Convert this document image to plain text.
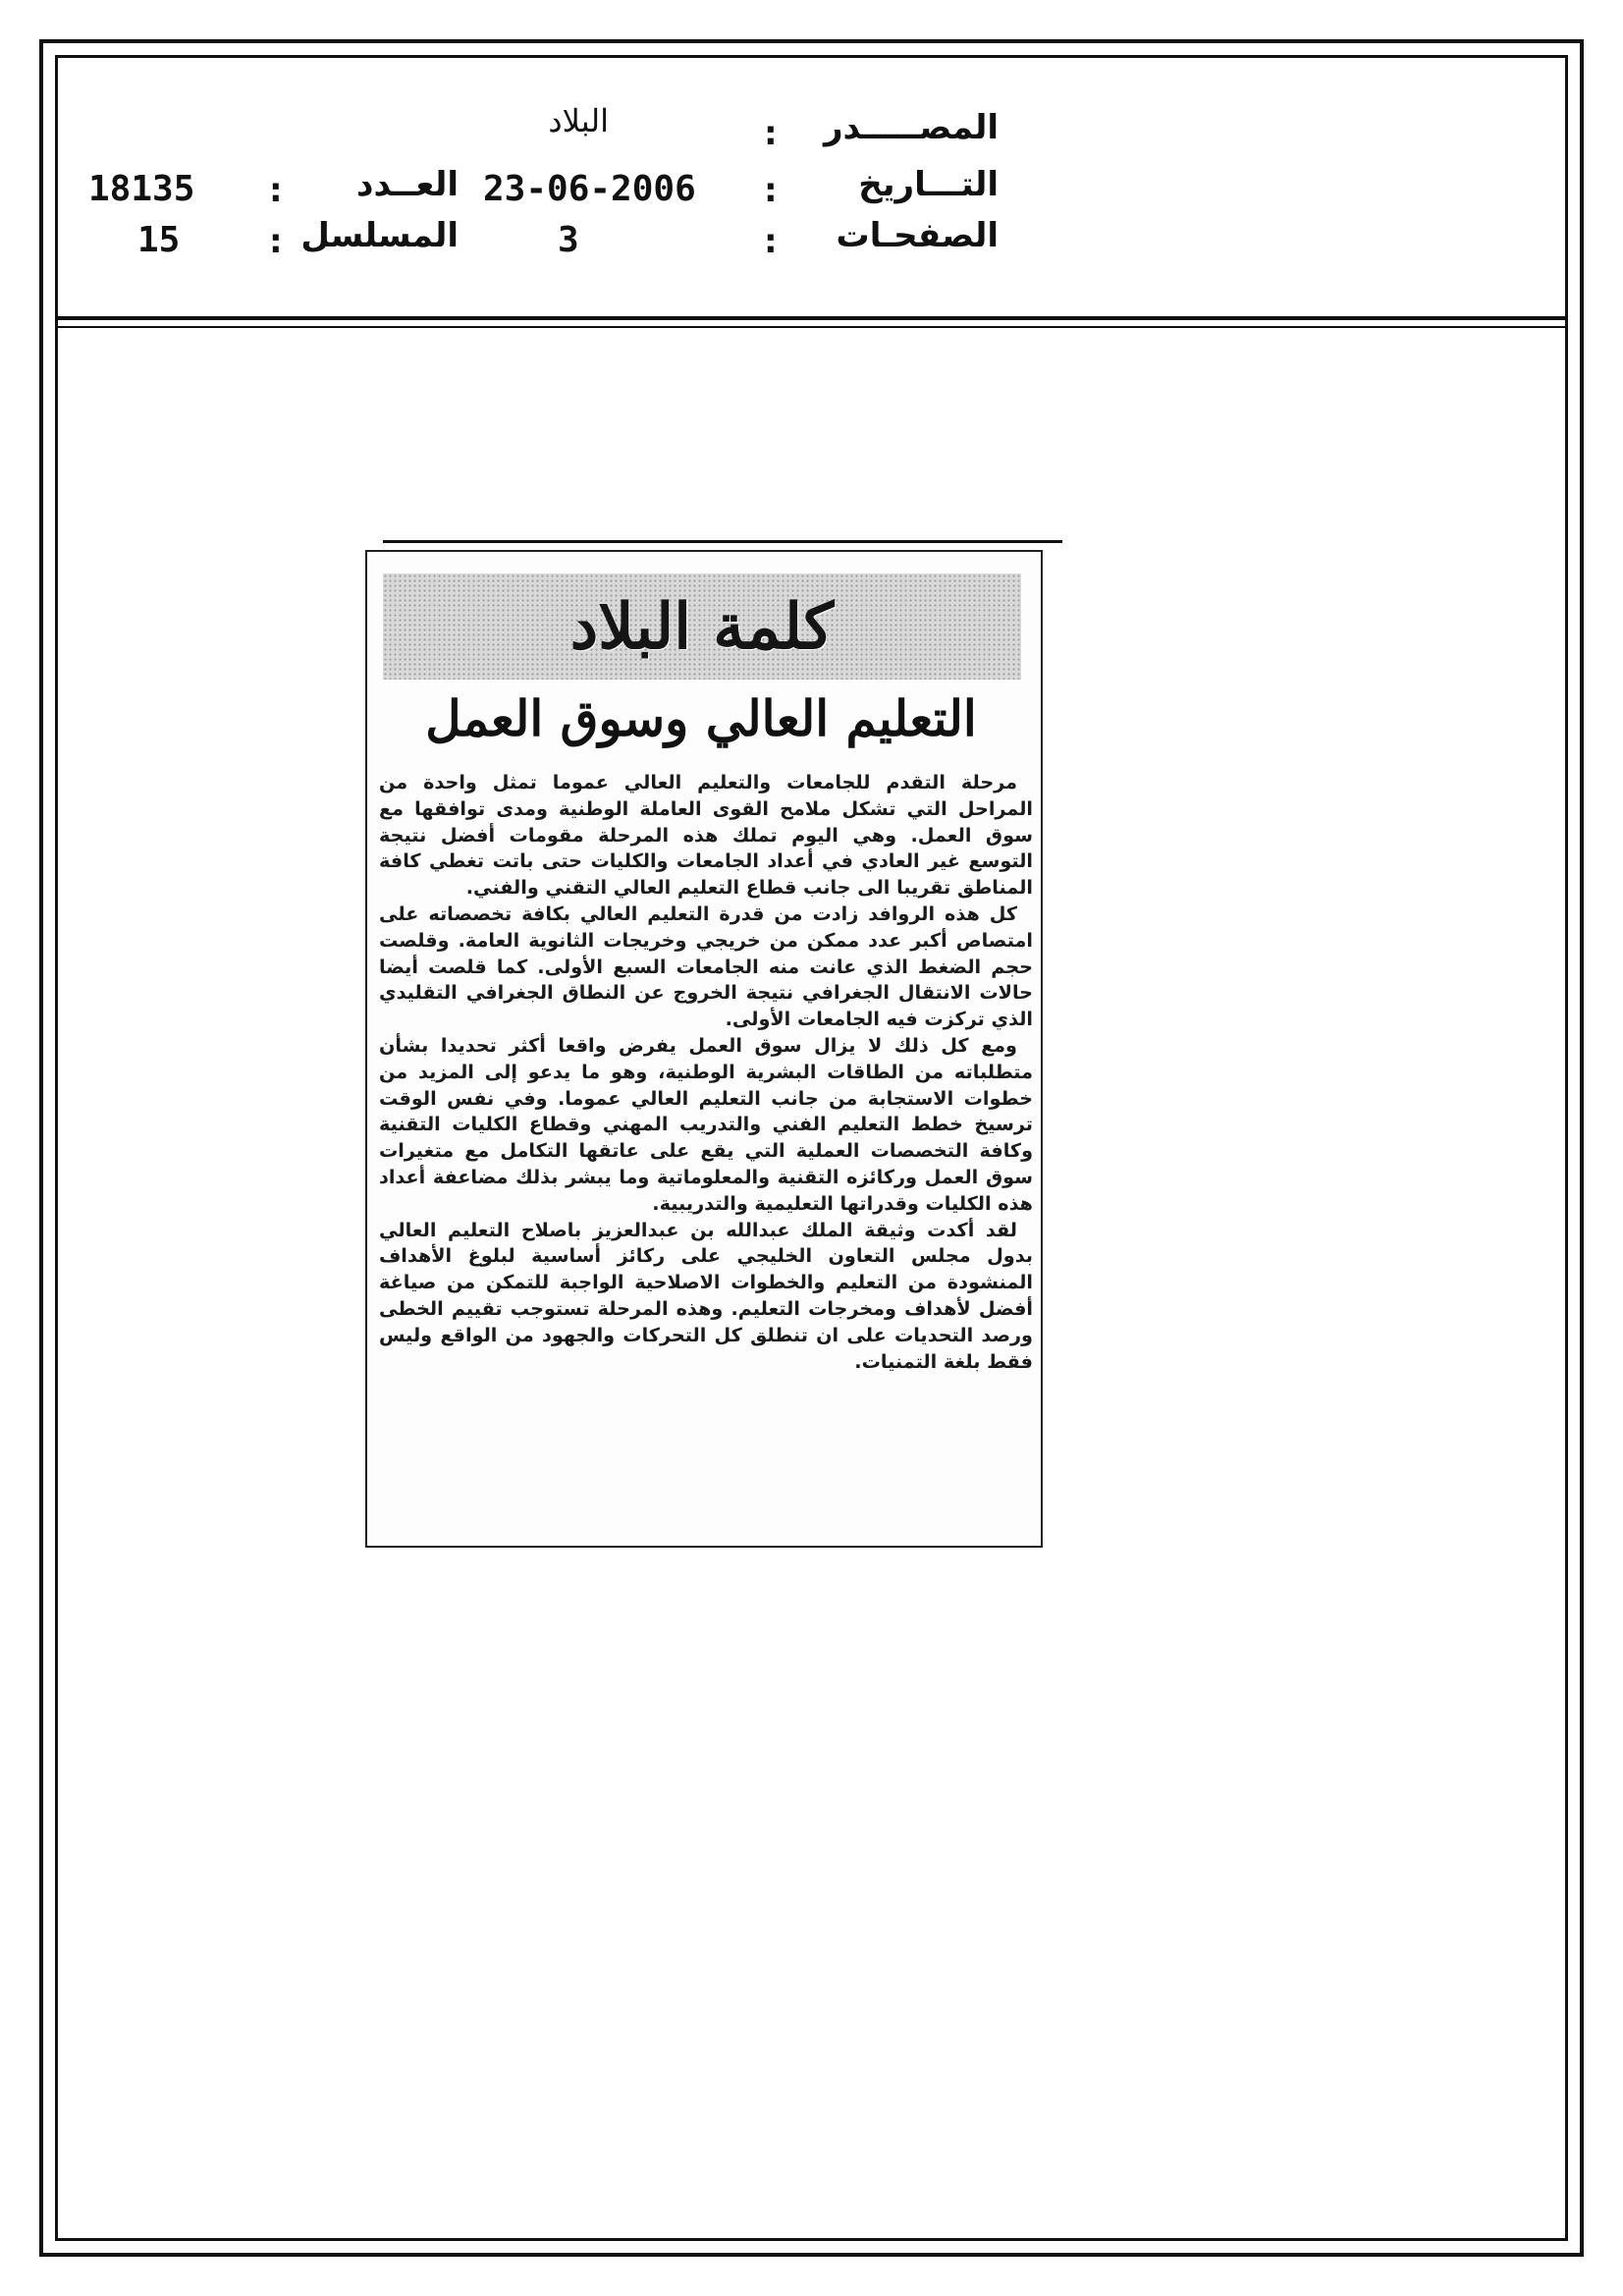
المصـــــدر
:
البلاد
التـــاريخ
:
23-06-2006
العــدد
:
18135
الصفحـات
:
3
المسلسل
:
15
كلمة البلاد
التعليم العالي وسوق العمل

مرحلة التقدم للجامعات والتعليم العالي عموما تمثل واحدة من المراحل التي تشكل ملامح القوى العاملة الوطنية ومدى توافقها مع سوق العمل. وهي اليوم تملك هذه المرحلة مقومات أفضل نتيجة التوسع غير العادي في أعداد الجامعات والكليات حتى باتت تغطي كافة المناطق تقريبا الى جانب قطاع التعليم العالي التقني والفني.

كل هذه الروافد زادت من قدرة التعليم العالي بكافة تخصصاته على امتصاص أكبر عدد ممكن من خريجي وخريجات الثانوية العامة. وقلصت حجم الضغط الذي عانت منه الجامعات السبع الأولى. كما قلصت أيضا حالات الانتقال الجغرافي نتيجة الخروج عن النطاق الجغرافي التقليدي الذي تركزت فيه الجامعات الأولى.

ومع كل ذلك لا يزال سوق العمل يفرض واقعا أكثر تحديدا بشأن متطلباته من الطاقات البشرية الوطنية، وهو ما يدعو إلى المزيد من خطوات الاستجابة من جانب التعليم العالي عموما. وفي نفس الوقت ترسيخ خطط التعليم الفني والتدريب المهني وقطاع الكليات التقنية وكافة التخصصات العملية التي يقع على عاتقها التكامل مع متغيرات سوق العمل وركائزه التقنية والمعلوماتية وما يبشر بذلك مضاعفة أعداد هذه الكليات وقدراتها التعليمية والتدريبية.

لقد أكدت وثيقة الملك عبدالله بن عبدالعزيز باصلاح التعليم العالي بدول مجلس التعاون الخليجي على ركائز أساسية لبلوغ الأهداف المنشودة من التعليم والخطوات الاصلاحية الواجبة للتمكن من صياغة أفضل لأهداف ومخرجات التعليم. وهذه المرحلة تستوجب تقييم الخطى ورصد التحديات على ان تنطلق كل التحركات والجهود من الواقع وليس فقط بلغة التمنيات.
